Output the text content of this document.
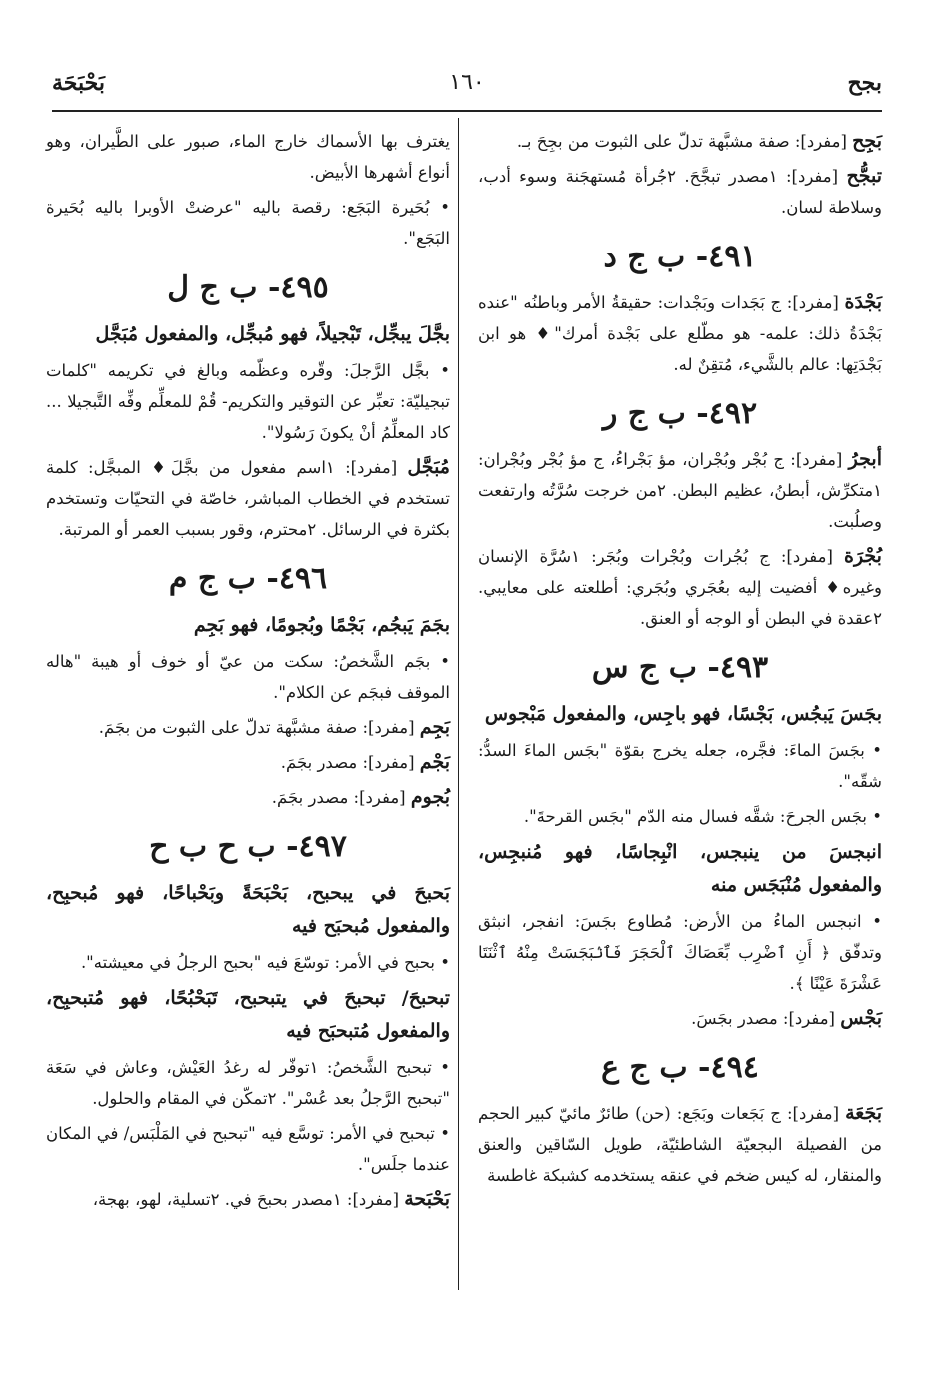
بجح
١٦٠
بَحْبَحَة

بَجِح [مفرد]: صفة مشبَّهة تدلّ على الثبوت من بجِحَ بـ.

تبجُّح [مفرد]: ١مصدر تبجَّحَ. ٢جُرأة مُستهجَنة وسوء أدب، وسلاطة لسان.

٤٩١- ب ج د

بَجْدَة [مفرد]: ج بَجَدات وبَجْدات: حقيقةُ الأمر وباطنُه "عنده بَجْدَةُ ذلك: علمه- هو مطّلع على بَجْدة أمرك"♦ هو ابن بَجْدَتِها: عالم بالشَّيء، مُتقِنٌ له.

٤٩٢- ب ج ر

أبجرُ [مفرد]: ج بُجْر وبُجْران، مؤ بَجْراءُ، ج مؤ بُجْر وبُجْران: ١متكرِّش، أبطنُ، عظيم البطن. ٢من خرجت سُرَّتُه وارتفعت وصلُبت.

بُجْرَة [مفرد]: ج بُجُرات وبُجْرات وبُجَر: ١سُرَّة الإنسان وغيره♦ أفضيت إليه بعُجَري وبُجَري: أطلعته على معايبي. ٢عقدة في البطن أو الوجه أو العنق.

٤٩٣- ب ج س

بجَسَ يَبجُس، بَجْسًا، فهو باجِس، والمفعول مَبْجوس

• بجَسَ الماءَ: فجَّره، جعله يخرج بقوّة "بجَس الماءَ السدُّ: شقّه".

• بجَس الجرحَ: شقَّه فسال منه الدّم "بجَس القرحةَ".

انبجسَ من ينبجس، انْبِجاسًا، فهو مُنبجِس، والمفعول مُنْبَجَس منه

• انبجس الماءُ من الأرض: مُطاوع بجَسَ: انفجر، انبثق وتدفّق ﴿ أَنِ ٱضْرِب بِّعَصَاكَ ٱلْحَجَرَ فَٱنۢبَجَسَتْ مِنْهُ ٱثْنَتَا عَشْرَةَ عَيْنًا ﴾.

بَجْس [مفرد]: مصدر بجَسَ.

٤٩٤- ب ج ع

بَجَعَة [مفرد]: ج بَجَعات وبَجَع: (حن) طائرٌ مائيّ كبير الحجم من الفصيلة البجعيّة الشاطئيّة، طويل السّاقين والعنق والمنقار، له كيس ضخم في عنقه يستخدمه كشبكة غاطسة

يغترف بها الأسماك خارج الماء، صبور على الطَّيران، وهو أنواع أشهرها الأبيض.

• بُحَيرة البَجَع: رقصة باليه "عرضتْ الأوبرا باليه بُحَيرة البَجَع".

٤٩٥- ب ج ل

بجَّلَ يبجِّل، تَبْجيلاً، فهو مُبجِّل، والمفعول مُبَجَّل

• بجَّل الرَّجلَ: وقّره وعظّمه وبالغ في تكريمه "كلمات تبجيليّة: تعبِّر عن التوقير والتكريم- قُمْ للمعلِّم وفِّه التَّبجيلا ... كاد المعلِّمُ أنْ يكونَ رَسُولا".

مُبَجَّل [مفرد]: ١اسم مفعول من بجَّلَ♦ المبجَّل: كلمة تستخدم في الخطاب المباشر، خاصّة في التحيّات وتستخدم بكثرة في الرسائل. ٢محترم، وقور بسبب العمر أو المرتبة.

٤٩٦- ب ج م

بجَمَ يَبجُم، بَجْمًا وبُجومًا، فهو بَجِم

• بجَم الشَّخصُ: سكت من عيّ أو خوف أو هيبة "هاله الموقف فبجَم عن الكلام".

بَجِم [مفرد]: صفة مشبَّهة تدلّ على الثبوت من بجَمَ.

بَجْم [مفرد]: مصدر بجَمَ.

بُجوم [مفرد]: مصدر بجَمَ.

٤٩٧- ب ح ب ح

بَحبحَ في يبحبح، بَحْبَحَةً وبَحْباحًا، فهو مُبحبِح، والمفعول مُبحبَح فيه

• بحبح في الأمر: توسّعَ فيه "بحبح الرجلُ في معيشته".

تبحبحَ/ تبحبحَ في يتبحبح، تَبَحْبُحًا، فهو مُتبحبِح، والمفعول مُتبحبَح فيه

• تبحبح الشَّخصُ: ١توفّر له رغدُ العَيْش، وعاش في سَعَة "تبحبح الرَّجلُ بعد عُسْر". ٢تمكّن في المقام والحلول.

• تبحبح في الأمر: توسَّع فيه "تبحبح في المَلْبَس/ في المكان عندما جلَس".

بَحْبَحة [مفرد]: ١مصدر بحبحَ في. ٢تسلية، لهو، بهجة،
